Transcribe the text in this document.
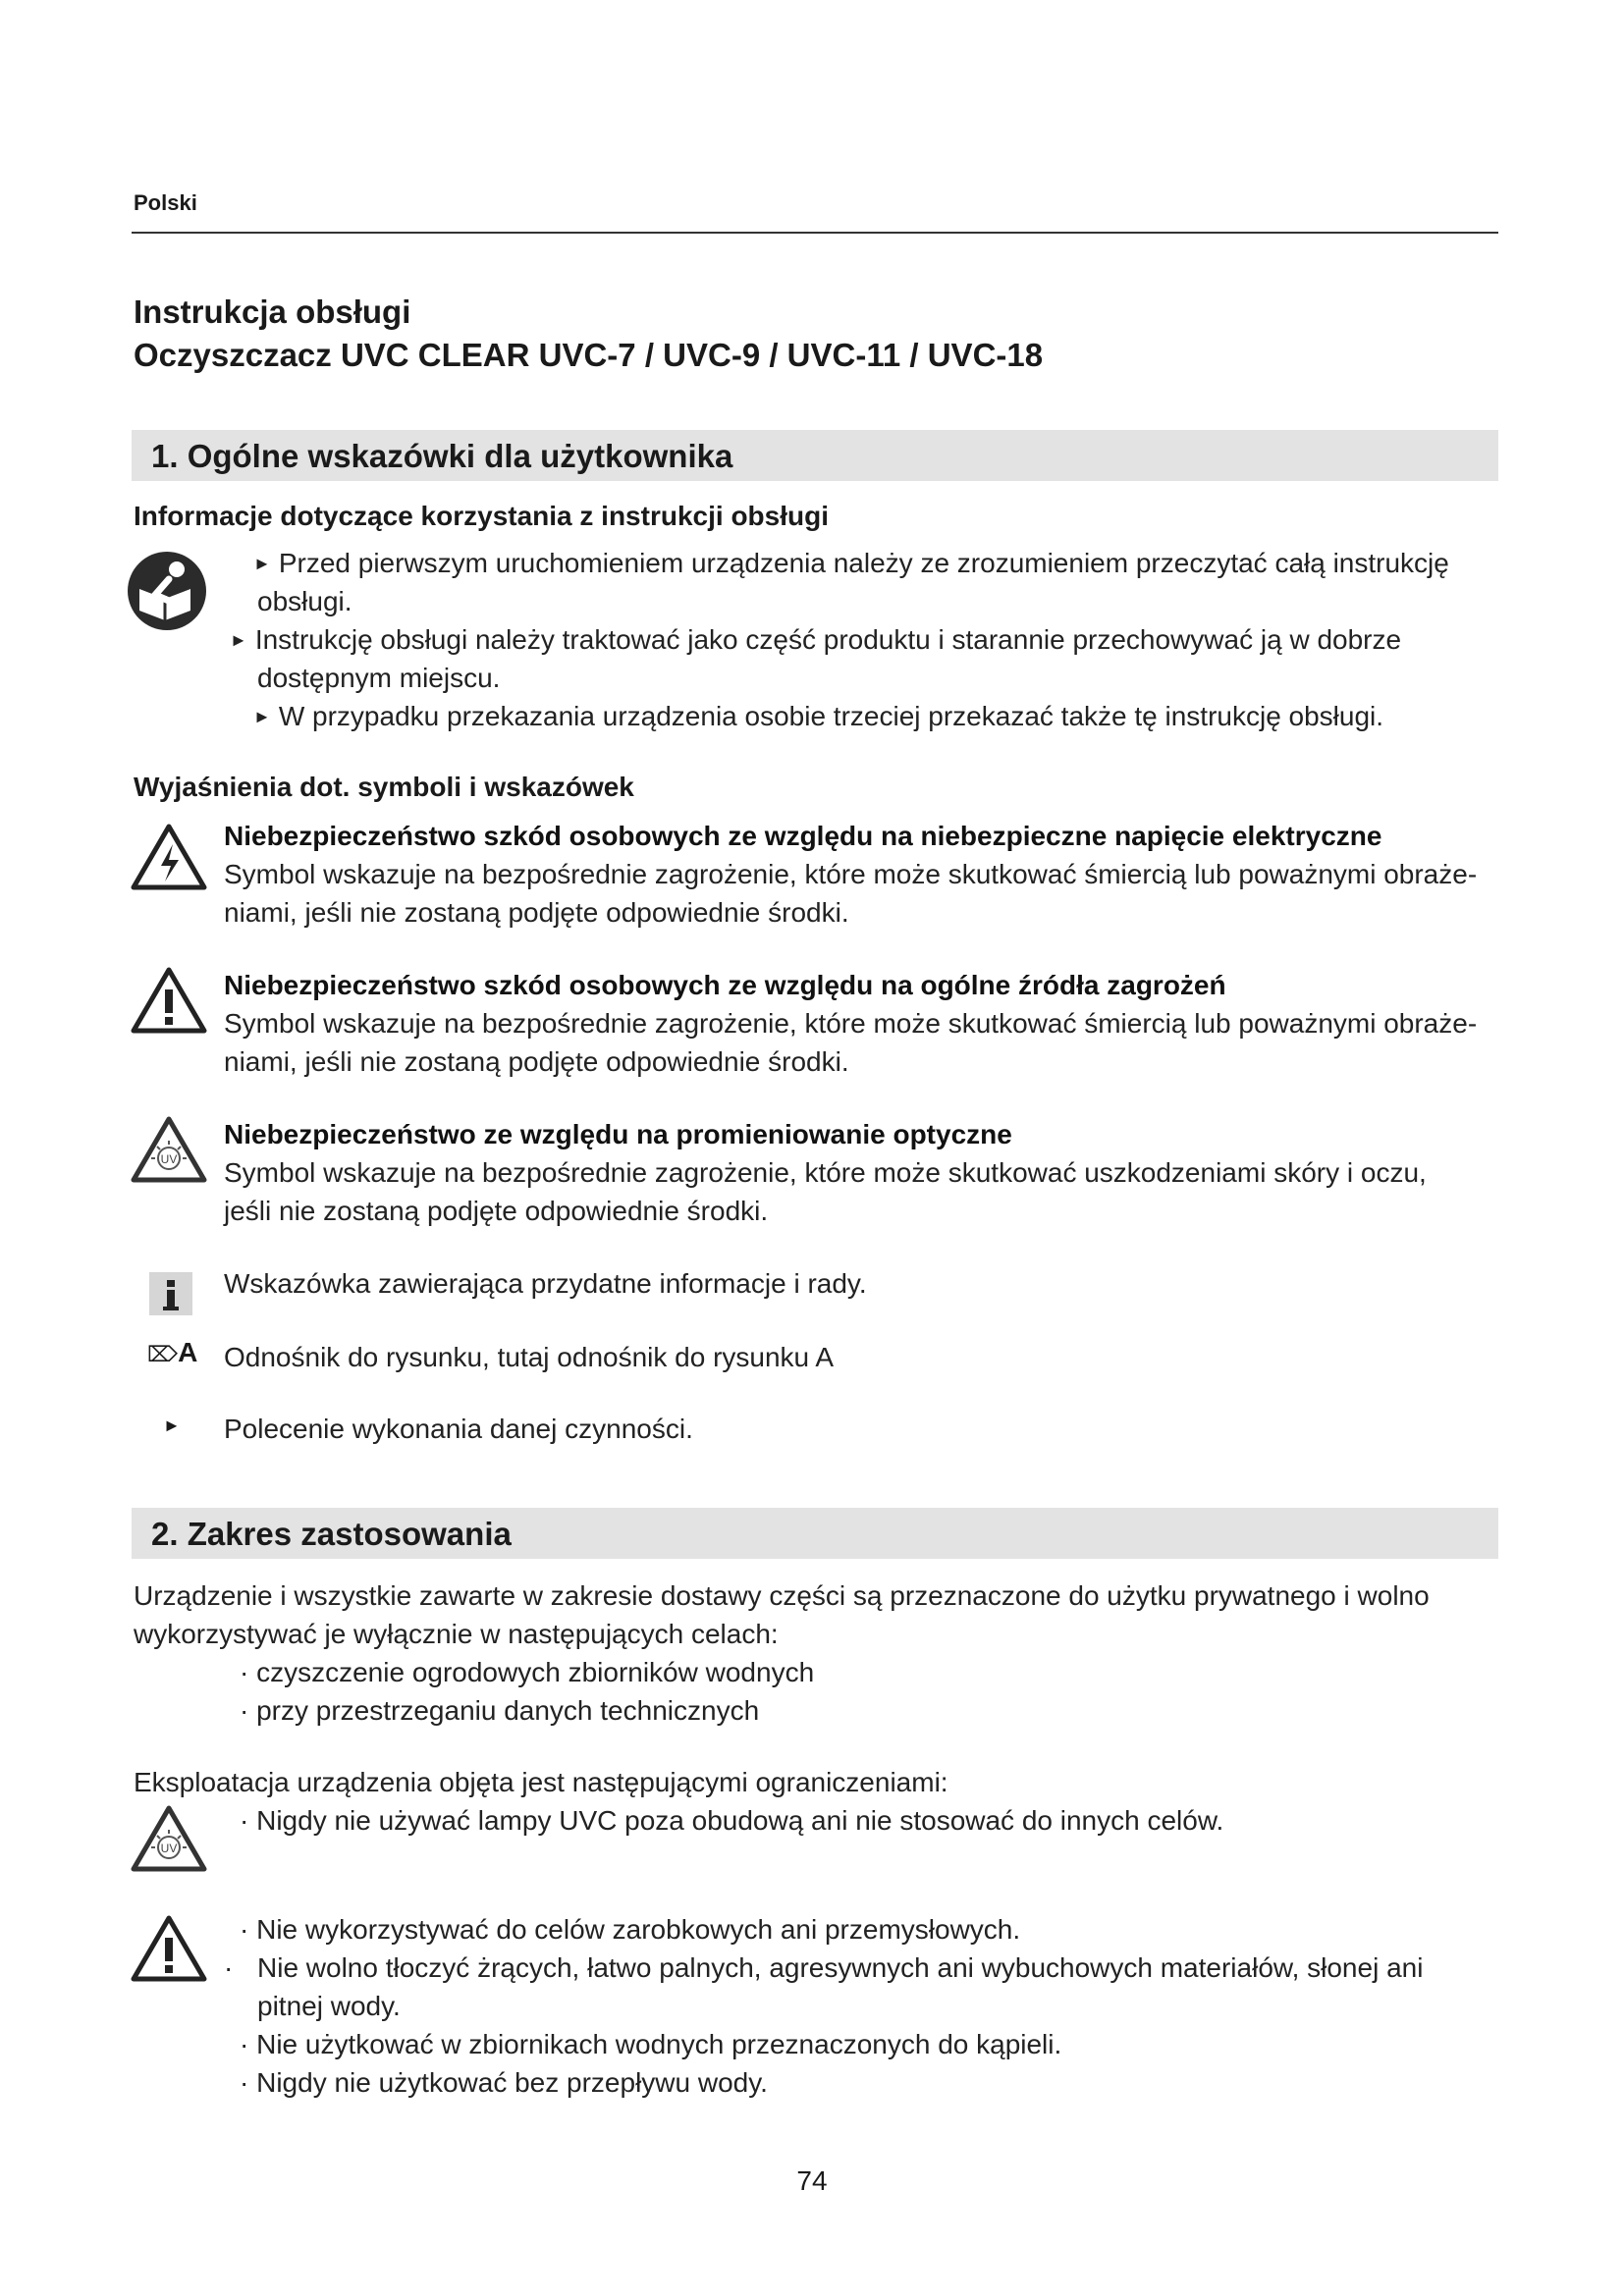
Polski
Instrukcja obsługi
Oczyszczacz UVC CLEAR UVC-7 / UVC-9 / UVC-11 / UVC-18
1. Ogólne wskazówki dla użytkownika
Informacje dotyczące korzystania z instrukcji obsługi
► Przed pierwszym uruchomieniem urządzenia należy ze zrozumieniem przeczytać całą instrukcję
obsługi.
► Instrukcję obsługi należy traktować jako część produktu i starannie przechowywać ją w dobrze
dostępnym miejscu.
► W przypadku przekazania urządzenia osobie trzeciej przekazać także tę instrukcję obsługi.
Wyjaśnienia dot. symboli i wskazówek
Niebezpieczeństwo szkód osobowych ze względu na niebezpieczne napięcie elektryczne
Symbol wskazuje na bezpośrednie zagrożenie, które może skutkować śmiercią lub poważnymi obraże-
niami, jeśli nie zostaną podjęte odpowiednie środki.
Niebezpieczeństwo szkód osobowych ze względu na ogólne źródła zagrożeń
Symbol wskazuje na bezpośrednie zagrożenie, które może skutkować śmiercią lub poważnymi obraże-
niami, jeśli nie zostaną podjęte odpowiednie środki.
UV
Niebezpieczeństwo ze względu na promieniowanie optyczne
Symbol wskazuje na bezpośrednie zagrożenie, które może skutkować uszkodzeniami skóry i oczu,
jeśli nie zostaną podjęte odpowiednie środki.
Wskazówka zawierająca przydatne informacje i rady.
⌦A Odnośnik do rysunku, tutaj odnośnik do rysunku A
► Polecenie wykonania danej czynności.
2. Zakres zastosowania
Urządzenie i wszystkie zawarte w zakresie dostawy części są przeznaczone do użytku prywatnego i wolno
wykorzystywać je wyłącznie w następujących celach:
· czyszczenie ogrodowych zbiorników wodnych
· przy przestrzeganiu danych technicznych
Eksploatacja urządzenia objęta jest następującymi ograniczeniami:
UV
· Nigdy nie używać lampy UVC poza obudową ani nie stosować do innych celów.
· Nie wykorzystywać do celów zarobkowych ani przemysłowych.
· Nie wolno tłoczyć żrących, łatwo palnych, agresywnych ani wybuchowych materiałów, słonej ani
pitnej wody.
· Nie użytkować w zbiornikach wodnych przeznaczonych do kąpieli.
· Nigdy nie użytkować bez przepływu wody.
74
